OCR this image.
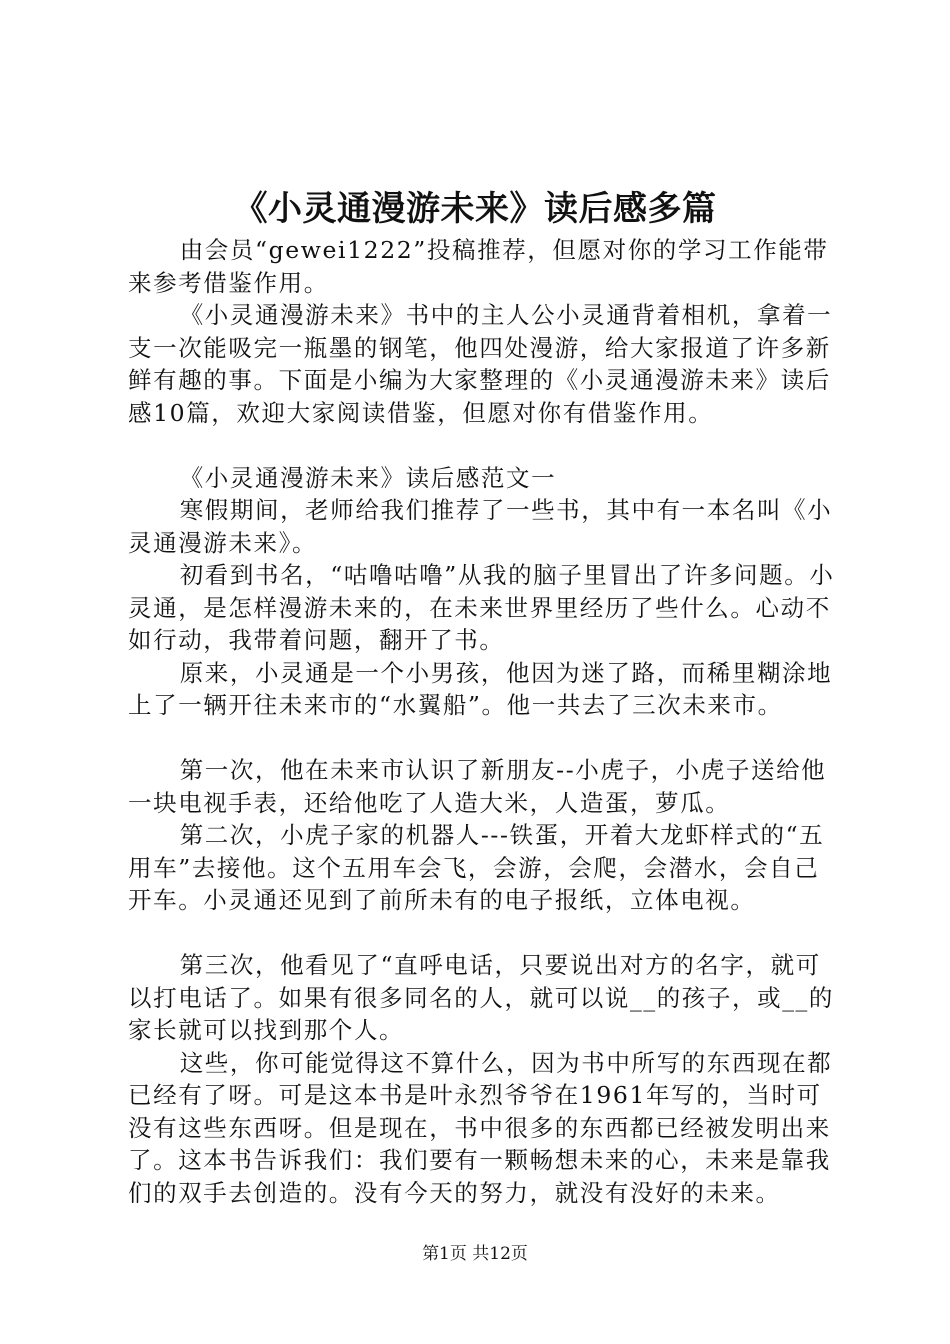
《小灵通漫游未来》读后感多篇

由会员“gewei1222”投稿推荐，但愿对你的学习工作能带来参考借鉴作用。

《小灵通漫游未来》书中的主人公小灵通背着相机，拿着一支一次能吸完一瓶墨的钢笔，他四处漫游，给大家报道了许多新鲜有趣的事。下面是小编为大家整理的《小灵通漫游未来》读后感10篇，欢迎大家阅读借鉴，但愿对你有借鉴作用。

《小灵通漫游未来》读后感范文一

寒假期间，老师给我们推荐了一些书，其中有一本名叫《小灵通漫游未来》。

初看到书名，“咕噜咕噜”从我的脑子里冒出了许多问题。小灵通，是怎样漫游未来的，在未来世界里经历了些什么。心动不如行动，我带着问题，翻开了书。

原来，小灵通是一个小男孩，他因为迷了路，而稀里糊涂地上了一辆开往未来市的“水翼船”。他一共去了三次未来市。

第一次，他在未来市认识了新朋友--小虎子，小虎子送给他一块电视手表，还给他吃了人造大米，人造蛋，萝瓜。

第二次，小虎子家的机器人---铁蛋，开着大龙虾样式的“五用车”去接他。这个五用车会飞，会游，会爬，会潜水，会自己开车。小灵通还见到了前所未有的电子报纸，立体电视。

第三次，他看见了“直呼电话，只要说出对方的名字，就可以打电话了。如果有很多同名的人，就可以说__的孩子，或__的家长就可以找到那个人。

这些，你可能觉得这不算什么，因为书中所写的东西现在都已经有了呀。可是这本书是叶永烈爷爷在1961年写的，当时可没有这些东西呀。但是现在，书中很多的东西都已经被发明出来了。这本书告诉我们：我们要有一颗畅想未来的心，未来是靠我们的双手去创造的。没有今天的努力，就没有没好的未来。

第1页 共12页
